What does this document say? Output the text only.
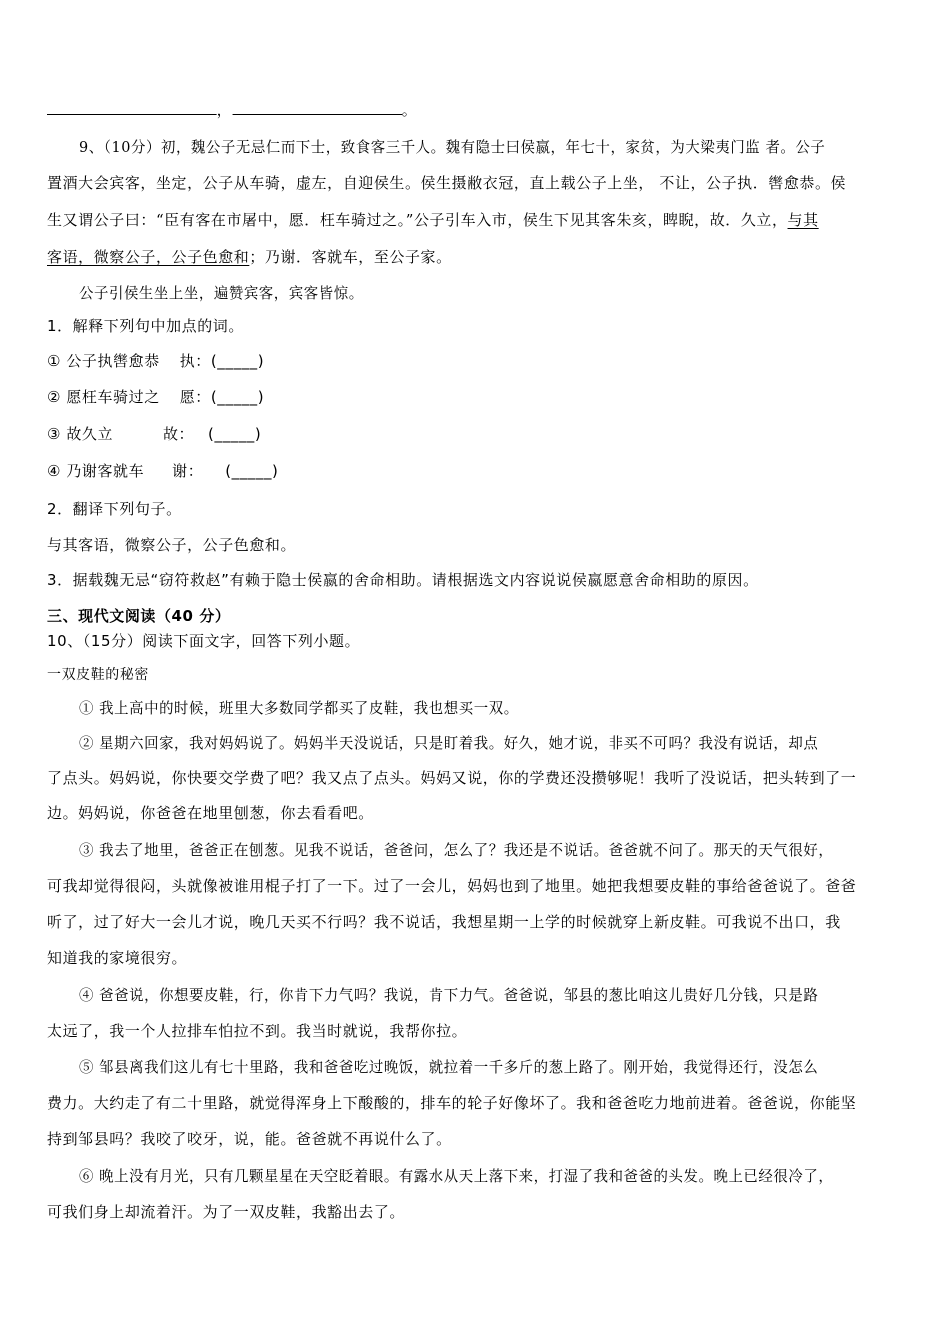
，	。
9、（10分）初，魏公子无忌仁而下士，致食客三千人。魏有隐士曰侯嬴，年七十，家贫，为大梁夷门监 者。公子
置酒大会宾客，坐定，公子从车骑，虚左，自迎侯生。侯生摄敝衣冠，直上载公子上坐， 不让，公子执．辔愈恭。侯
生又谓公子曰：“臣有客在市屠中，愿．枉车骑过之。”公子引车入市，侯生下见其客朱亥，睥睨，故．久立，与其
客语，微察公子，公子色愈和；乃谢．客就车，至公子家。
公子引侯生坐上坐，遍赞宾客，宾客皆惊。
1．解释下列句中加点的词。
① 公子执辔愈恭 执：(_____)
② 愿枉车骑过之 愿：(_____)
③ 故久立	故： (_____)
④ 乃谢客就车 谢： (_____)
2．翻译下列句子。
与其客语，微察公子，公子色愈和。
3．据载魏无忌“窃符救赵”有赖于隐士侯嬴的舍命相助。请根据选文内容说说侯嬴愿意舍命相助的原因。
三、现代文阅读（40 分）
10、（15分）阅读下面文字，回答下列小题。
一双皮鞋的秘密
① 我上高中的时候，班里大多数同学都买了皮鞋，我也想买一双。
② 星期六回家，我对妈妈说了。妈妈半天没说话，只是盯着我。好久，她才说，非买不可吗？我没有说话，却点
了点头。妈妈说，你快要交学费了吧？我又点了点头。妈妈又说，你的学费还没攒够呢！我听了没说话，把头转到了一
边。妈妈说，你爸爸在地里刨葱，你去看看吧。
③ 我去了地里，爸爸正在刨葱。见我不说话，爸爸问，怎么了？我还是不说话。爸爸就不问了。那天的天气很好，
可我却觉得很闷，头就像被谁用棍子打了一下。过了一会儿，妈妈也到了地里。她把我想要皮鞋的事给爸爸说了。爸爸
听了，过了好大一会儿才说，晚几天买不行吗？我不说话，我想星期一上学的时候就穿上新皮鞋。可我说不出口，我
知道我的家境很穷。
④ 爸爸说，你想要皮鞋，行，你肯下力气吗？我说，肯下力气。爸爸说，邹县的葱比咱这儿贵好几分钱，只是路
太远了，我一个人拉排车怕拉不到。我当时就说，我帮你拉。
⑤ 邹县离我们这儿有七十里路，我和爸爸吃过晚饭，就拉着一千多斤的葱上路了。刚开始，我觉得还行，没怎么
费力。大约走了有二十里路，就觉得浑身上下酸酸的，排车的轮子好像坏了。我和爸爸吃力地前进着。爸爸说，你能坚
持到邹县吗？我咬了咬牙，说，能。爸爸就不再说什么了。
⑥ 晚上没有月光，只有几颗星星在天空眨着眼。有露水从天上落下来，打湿了我和爸爸的头发。晚上已经很冷了，
可我们身上却流着汗。为了一双皮鞋，我豁出去了。
